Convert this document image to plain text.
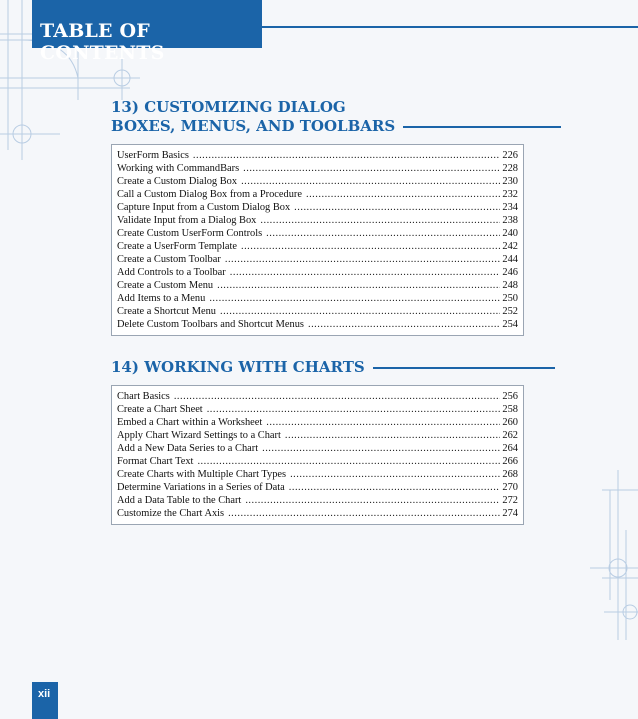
TABLE OF CONTENTS
13) CUSTOMIZING DIALOG
BOXES, MENUS, AND TOOLBARS
UserForm Basics .....	226
Working with CommandBars .....	228
Create a Custom Dialog Box .....	230
Call a Custom Dialog Box from a Procedure .....	232
Capture Input from a Custom Dialog Box .....	234
Validate Input from a Dialog Box .....	238
Create Custom UserForm Controls .....	240
Create a UserForm Template .....	242
Create a Custom Toolbar .....	244
Add Controls to a Toolbar .....	246
Create a Custom Menu .....	248
Add Items to a Menu .....	250
Create a Shortcut Menu .....	252
Delete Custom Toolbars and Shortcut Menus .....	254
14) WORKING WITH CHARTS
Chart Basics .....	256
Create a Chart Sheet .....	258
Embed a Chart within a Worksheet .....	260
Apply Chart Wizard Settings to a Chart .....	262
Add a New Data Series to a Chart .....	264
Format Chart Text .....	266
Create Charts with Multiple Chart Types .....	268
Determine Variations in a Series of Data .....	270
Add a Data Table to the Chart .....	272
Customize the Chart Axis .....	274
xii
